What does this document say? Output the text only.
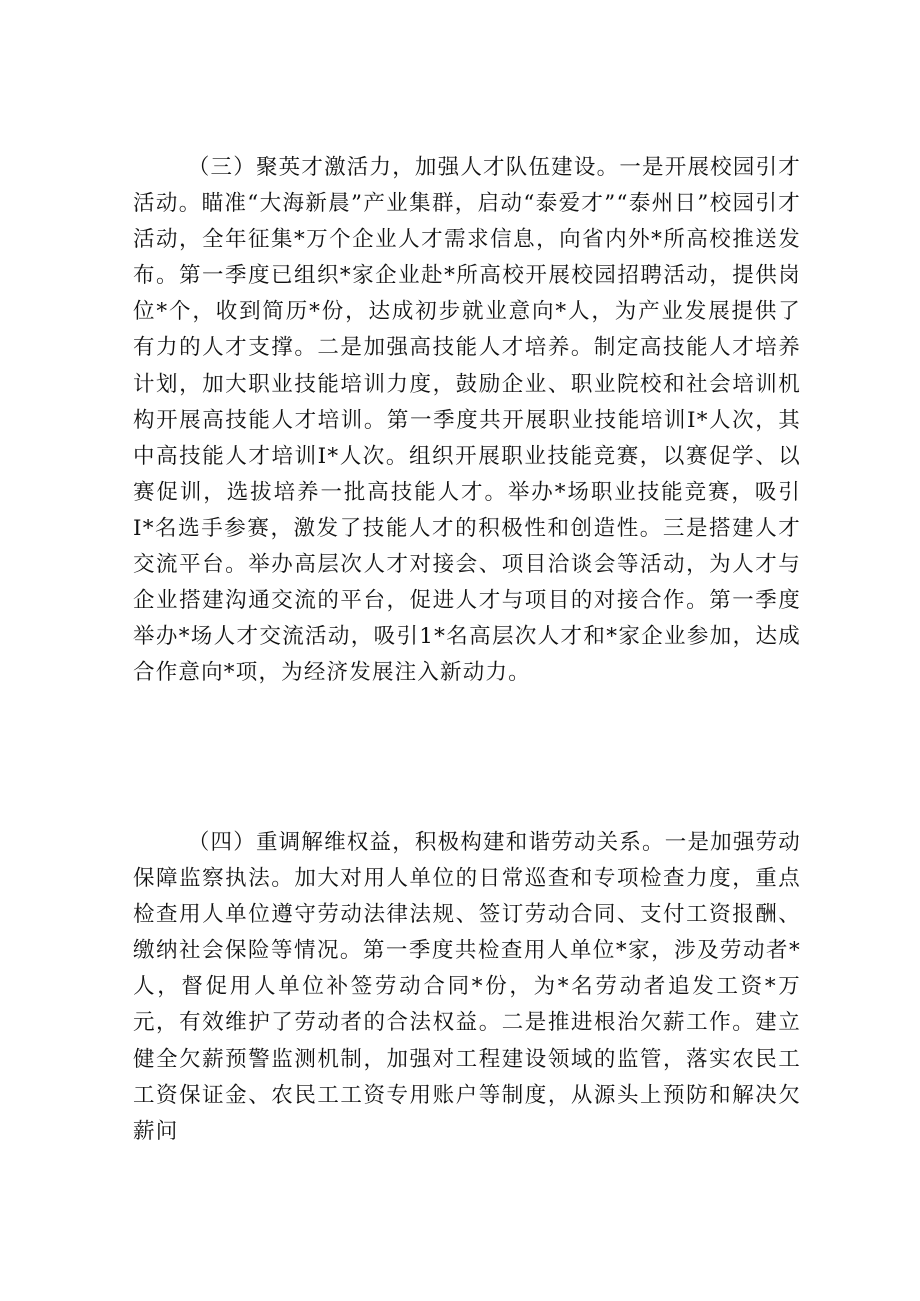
（三）聚英才激活力，加强人才队伍建设。一是开展校园引才活动。瞄准“大海新晨”产业集群，启动“泰爱才”“泰州日”校园引才活动，全年征集*万个企业人才需求信息，向省内外*所高校推送发布。第一季度已组织*家企业赴*所高校开展校园招聘活动，提供岗位*个，收到简历*份，达成初步就业意向*人，为产业发展提供了有力的人才支撑。二是加强高技能人才培养。制定高技能人才培养计划，加大职业技能培训力度，鼓励企业、职业院校和社会培训机构开展高技能人才培训。第一季度共开展职业技能培训I*人次，其中高技能人才培训I*人次。组织开展职业技能竞赛，以赛促学、以赛促训，选拔培养一批高技能人才。举办*场职业技能竞赛，吸引I*名选手参赛，激发了技能人才的积极性和创造性。三是搭建人才交流平台。举办高层次人才对接会、项目洽谈会等活动，为人才与企业搭建沟通交流的平台，促进人才与项目的对接合作。第一季度举办*场人才交流活动，吸引1*名高层次人才和*家企业参加，达成合作意向*项，为经济发展注入新动力。

（四）重调解维权益，积极构建和谐劳动关系。一是加强劳动保障监察执法。加大对用人单位的日常巡查和专项检查力度，重点检查用人单位遵守劳动法律法规、签订劳动合同、支付工资报酬、缴纳社会保险等情况。第一季度共检查用人单位*家，涉及劳动者*人，督促用人单位补签劳动合同*份，为*名劳动者追发工资*万元，有效维护了劳动者的合法权益。二是推进根治欠薪工作。建立健全欠薪预警监测机制，加强对工程建设领域的监管，落实农民工工资保证金、农民工工资专用账户等制度，从源头上预防和解决欠薪问
